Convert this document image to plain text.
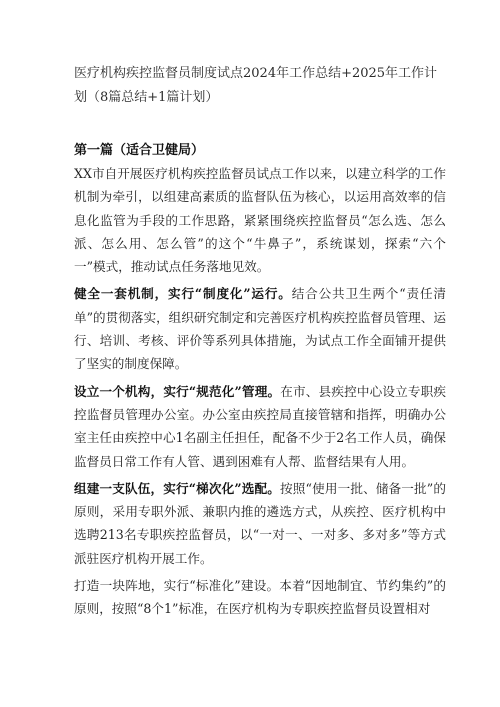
医疗机构疾控监督员制度试点2024年工作总结+2025年工作计划（8篇总结+1篇计划）

第一篇（适合卫健局）

XX市自开展医疗机构疾控监督员试点工作以来，以建立科学的工作机制为牵引，以组建高素质的监督队伍为核心，以运用高效率的信息化监管为手段的工作思路，紧紧围绕疾控监督员“怎么选、怎么派、怎么用、怎么管”的这个“牛鼻子”，系统谋划，探索“六个一”模式，推动试点任务落地见效。

健全一套机制，实行“制度化”运行。结合公共卫生两个“责任清单”的贯彻落实，组织研究制定和完善医疗机构疾控监督员管理、运行、培训、考核、评价等系列具体措施，为试点工作全面铺开提供了坚实的制度保障。

设立一个机构，实行“规范化”管理。在市、县疾控中心设立专职疾控监督员管理办公室。办公室由疾控局直接管辖和指挥，明确办公室主任由疾控中心1名副主任担任，配备不少于2名工作人员，确保监督员日常工作有人管、遇到困难有人帮、监督结果有人用。

组建一支队伍，实行“梯次化”选配。按照“使用一批、储备一批”的原则，采用专职外派、兼职内推的遴选方式，从疾控、医疗机构中选聘213名专职疾控监督员，以“一对一、一对多、多对多”等方式派驻医疗机构开展工作。

打造一块阵地，实行“标准化”建设。本着“因地制宜、节约集约”的原则，按照“8个1”标准，在医疗机构为专职疾控监督员设置相对
